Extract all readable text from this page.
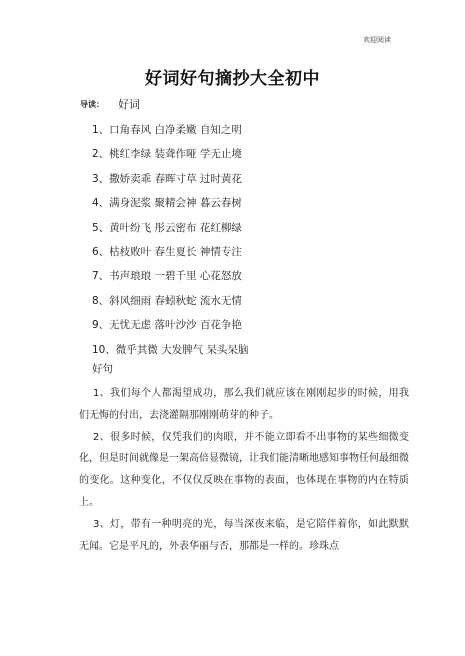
欢迎阅读
好词好句摘抄大全初中
导读： 好词
1、口角春风 白净柔嫩 自知之明
2、桃红李绿 装聋作哑 学无止境
3、撒娇卖乖 春晖寸草 过时黄花
4、满身泥浆 聚精会神 暮云春树
5、黄叶纷飞 彤云密布 花红柳绿
6、枯枝败叶 春生夏长 神情专注
7、书声琅琅 一碧千里 心花怒放
8、斜风细雨 春蚓秋蛇 流水无情
9、无忧无虑 落叶沙沙 百花争艳
10、微乎其微 大发脾气 呆头呆脑
好句

1、我们每个人都渴望成功，那么我们就应该在刚刚起步的时候，用我们无悔的付出，去浇灌隔那刚刚萌芽的种子。

2、很多时候，仅凭我们的肉眼，并不能立即看不出事物的某些细微变化，但是时间就像是一架高倍显微镜，让我们能清晰地感知事物任何最细微的变化。这种变化，不仅仅反映在事物的表面，也体现在事物的内在特质上。

3、灯，带有一种明亮的光，每当深夜来临，是它陪伴着你，如此默默无闻。它是平凡的，外表华丽与否，那都是一样的。珍珠点
